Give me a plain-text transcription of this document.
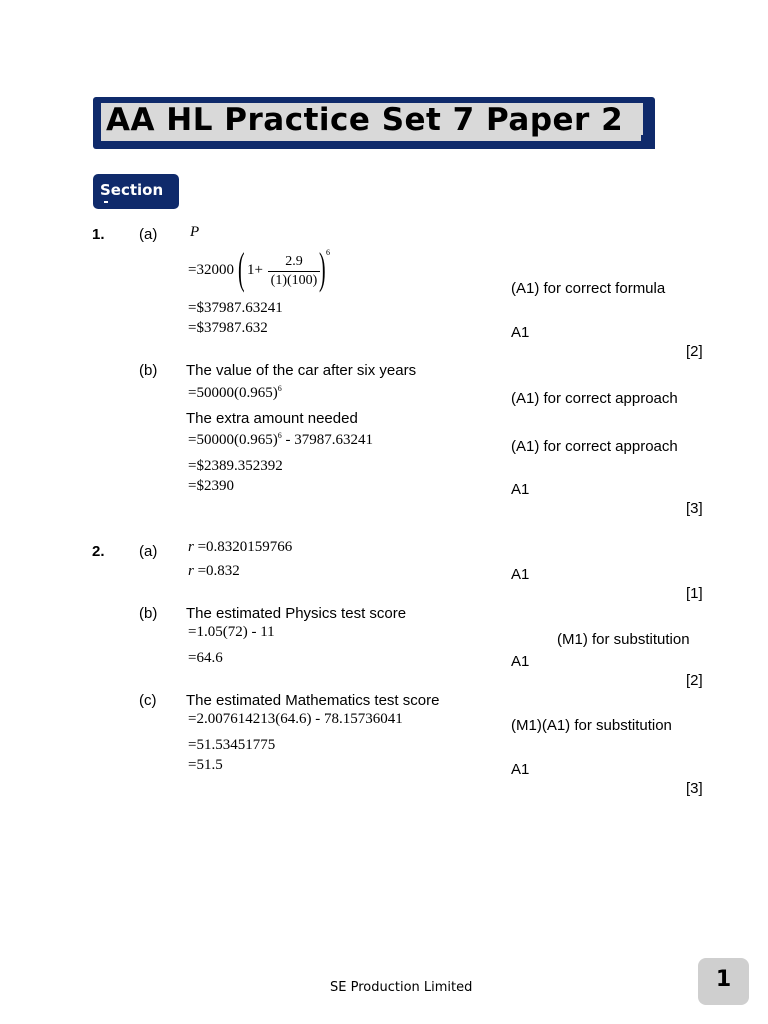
AA HL Practice Set 7 Paper 2
Section
1. (a) P
=32000 ( $1+ \frac{2.9}{(1)(100)}$ ) 6
=$37987.63241
=$37987.632
(A1) for correct formula
A1
[2]
(b) The value of the car after six years
$=50000(0.965)^6$
The extra amount needed
$=50000(0.965)^6 - 37987.63241$
=$2389.352392
=$2390
(A1) for correct approach
(A1) for correct approach
A1
[3]
2. (a) r =0.8320159766
r =0.832	A1
[1]
(b) The estimated Physics test score
=1.05(72) - 11
=64.6
(M1) for substitution
A1
[2]
(c) The estimated Mathematics test score
=2.007614213(64.6) - 78.15736041
=51.53451775
=51.5
(M1)(A1) for substitution
A1
[3]
SE Production Limited	1
